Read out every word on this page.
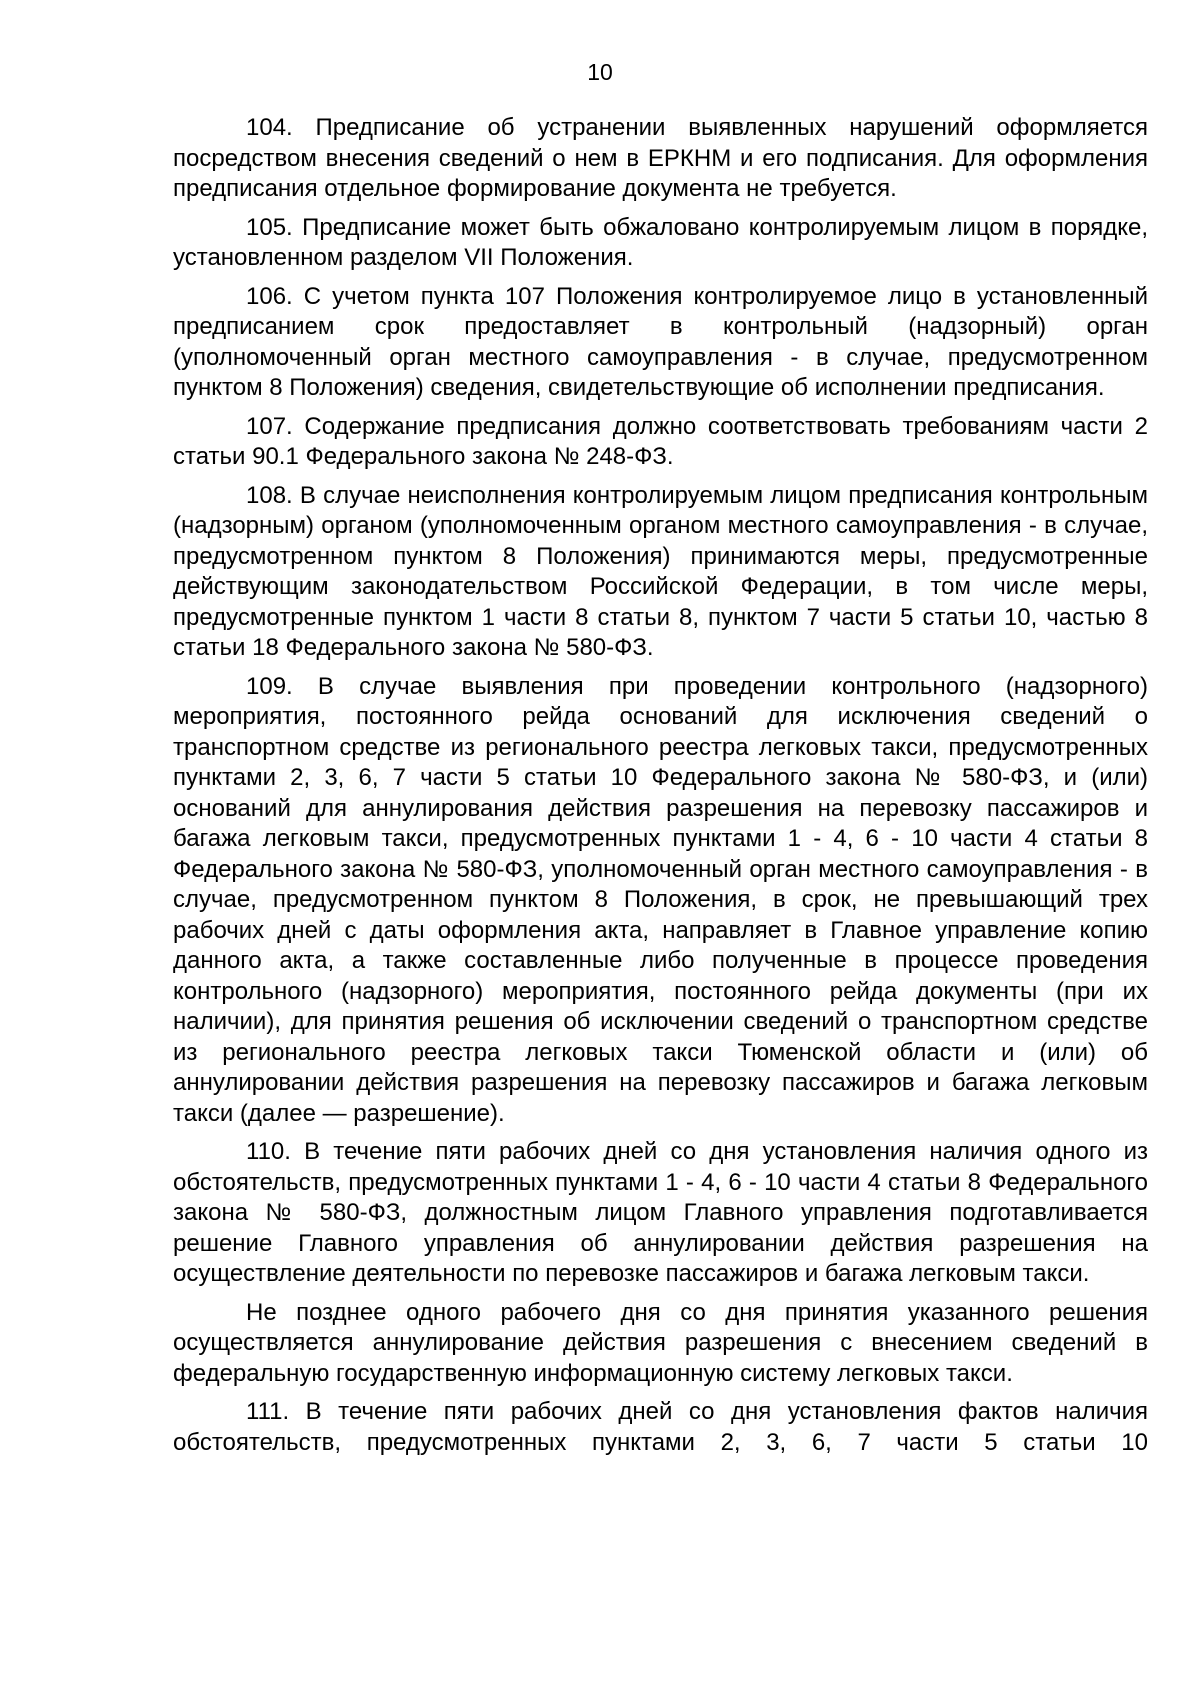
10

104. Предписание об устранении выявленных нарушений оформляется посредством внесения сведений о нем в ЕРКНМ и его подписания. Для оформления предписания отдельное формирование документа не требуется.

105. Предписание может быть обжаловано контролируемым лицом в порядке, установленном разделом VII Положения.

106. С учетом пункта 107 Положения контролируемое лицо в установленный предписанием срок предоставляет в контрольный (надзорный) орган (уполномоченный орган местного самоуправления - в случае, предусмотренном пунктом 8 Положения) сведения, свидетельствующие об исполнении предписания.

107. Содержание предписания должно соответствовать требованиям части 2 статьи 90.1 Федерального закона № 248-ФЗ.

108. В случае неисполнения контролируемым лицом предписания контрольным (надзорным) органом (уполномоченным органом местного самоуправления - в случае, предусмотренном пунктом 8 Положения) принимаются меры, предусмотренные действующим законодательством Российской Федерации, в том числе меры, предусмотренные пунктом 1 части 8 статьи 8, пунктом 7 части 5 статьи 10, частью 8 статьи 18 Федерального закона № 580-ФЗ.

109. В случае выявления при проведении контрольного (надзорного) мероприятия, постоянного рейда оснований для исключения сведений о транспортном средстве из регионального реестра легковых такси, предусмотренных пунктами 2, 3, 6, 7 части 5 статьи 10 Федерального закона № 580-ФЗ, и (или) оснований для аннулирования действия разрешения на перевозку пассажиров и багажа легковым такси, предусмотренных пунктами 1 - 4, 6 - 10 части 4 статьи 8 Федерального закона № 580-ФЗ, уполномоченный орган местного самоуправления - в случае, предусмотренном пунктом 8 Положения, в срок, не превышающий трех рабочих дней с даты оформления акта, направляет в Главное управление копию данного акта, а также составленные либо полученные в процессе проведения контрольного (надзорного) мероприятия, постоянного рейда документы (при их наличии), для принятия решения об исключении сведений о транспортном средстве из регионального реестра легковых такси Тюменской области и (или) об аннулировании действия разрешения на перевозку пассажиров и багажа легковым такси (далее — разрешение).

110. В течение пяти рабочих дней со дня установления наличия одного из обстоятельств, предусмотренных пунктами 1 - 4, 6 - 10 части 4 статьи 8 Федерального закона № 580-ФЗ, должностным лицом Главного управления подготавливается решение Главного управления об аннулировании действия разрешения на осуществление деятельности по перевозке пассажиров и багажа легковым такси.

Не позднее одного рабочего дня со дня принятия указанного решения осуществляется аннулирование действия разрешения с внесением сведений в федеральную государственную информационную систему легковых такси.

111. В течение пяти рабочих дней со дня установления фактов наличия обстоятельств, предусмотренных пунктами 2, 3, 6, 7 части 5 статьи 10
